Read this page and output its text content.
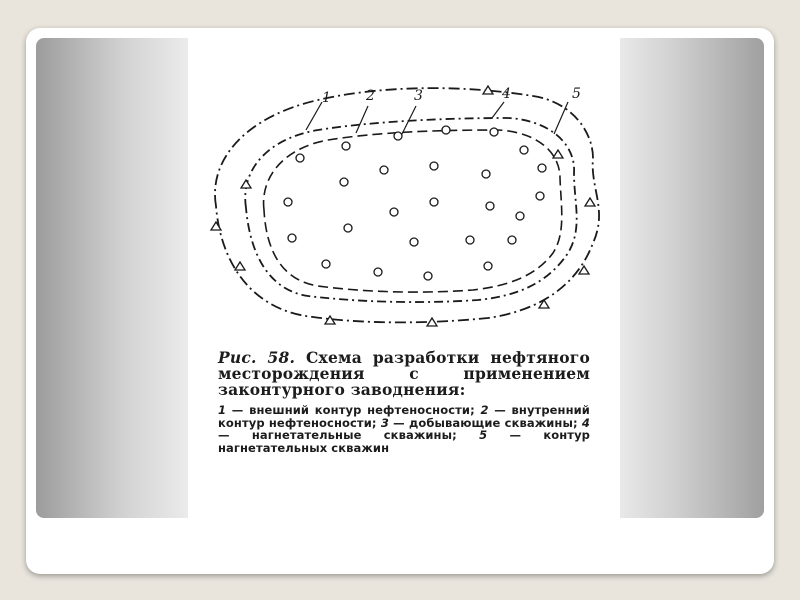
1	2	3	4	5
Рис. 58. Схема разработки нефтяного месторождения с применением законтурного заводнения:
1 — внешний контур нефтеносности; 2 — внутренний контур нефтеносности; 3 — добывающие скважины; 4 — нагнетательные скважины; 5 — контур нагнетательных скважин
